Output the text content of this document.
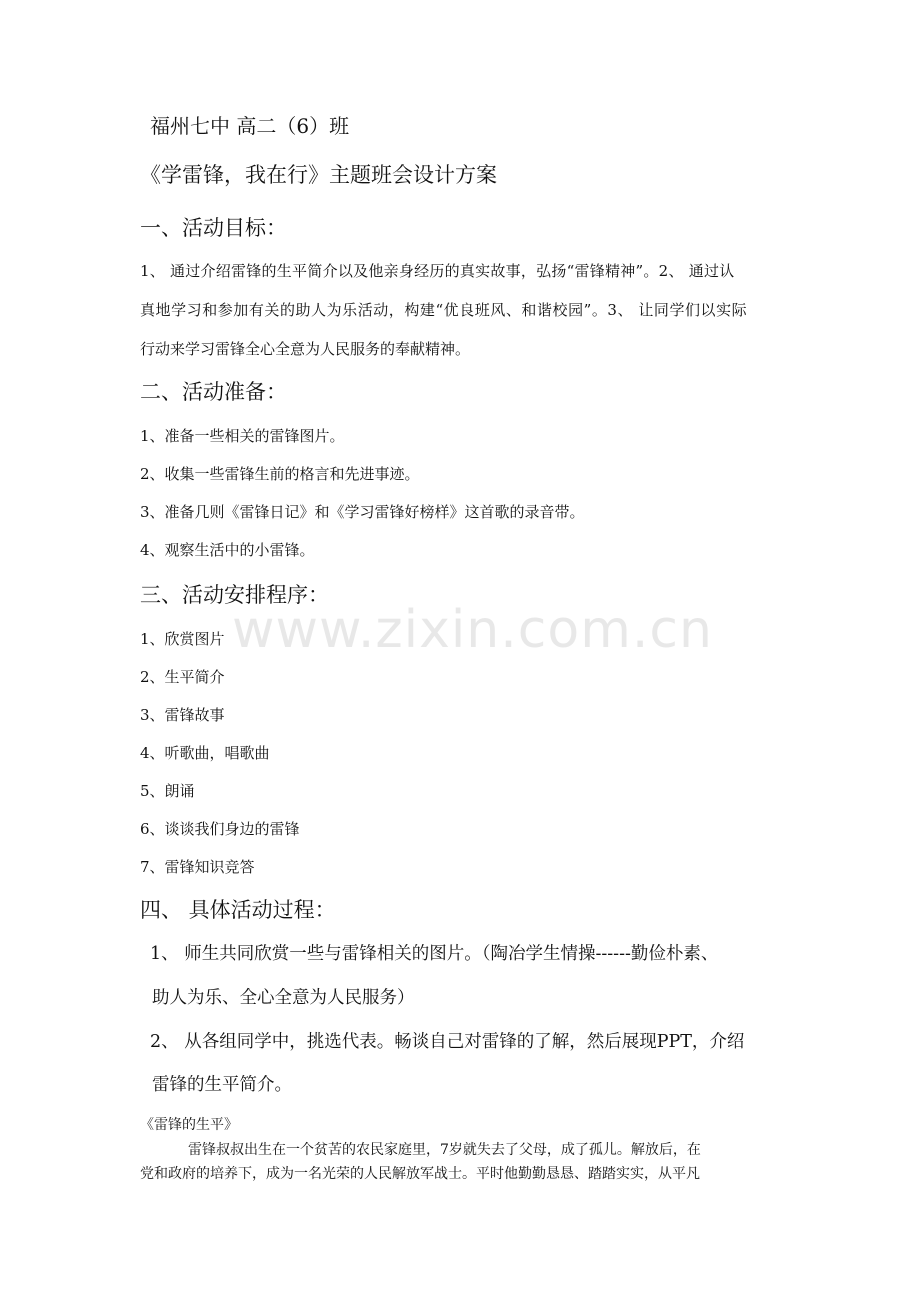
福州七中 高二（6）班
《学雷锋，我在行》主题班会设计方案
一、活动目标：
1、 通过介绍雷锋的生平简介以及他亲身经历的真实故事，弘扬“雷锋精神”。2、 通过认
真地学习和参加有关的助人为乐活动，构建“优良班风、和谐校园”。3、 让同学们以实际
行动来学习雷锋全心全意为人民服务的奉献精神。
二、活动准备：
1、准备一些相关的雷锋图片。
2、收集一些雷锋生前的格言和先进事迹。
3、准备几则《雷锋日记》和《学习雷锋好榜样》这首歌的录音带。
4、观察生活中的小雷锋。
三、活动安排程序：
1、欣赏图片
2、生平简介
3、雷锋故事
4、听歌曲，唱歌曲
5、朗诵
6、谈谈我们身边的雷锋
7、雷锋知识竞答
四、 具体活动过程：
1、 师生共同欣赏一些与雷锋相关的图片。（陶冶学生情操------勤俭朴素、
助人为乐、全心全意为人民服务）
2、 从各组同学中，挑选代表。畅谈自己对雷锋的了解，然后展现PPT，介绍
雷锋的生平简介。
《雷锋的生平》
雷锋叔叔出生在一个贫苦的农民家庭里，7岁就失去了父母，成了孤儿。解放后，在
党和政府的培养下，成为一名光荣的人民解放军战士。平时他勤勤恳恳、踏踏实实，从平凡
www.zixin.com.cn
